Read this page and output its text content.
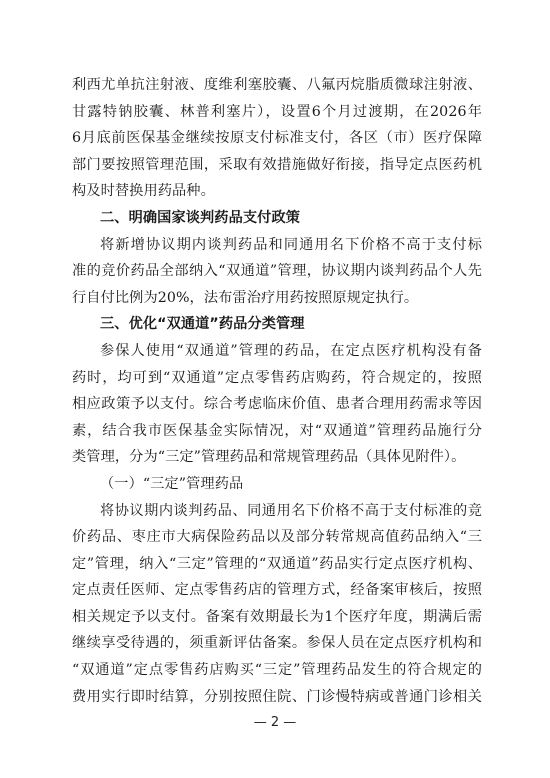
利西尤单抗注射液、度维利塞胶囊、八氟丙烷脂质微球注射液、
甘露特钠胶囊、林普利塞片），设置6个月过渡期，在2026年
6月底前医保基金继续按原支付标准支付，各区（市）医疗保障
部门要按照管理范围，采取有效措施做好衔接，指导定点医药机
构及时替换用药品种。
二、明确国家谈判药品支付政策
将新增协议期内谈判药品和同通用名下价格不高于支付标
准的竞价药品全部纳入“双通道”管理，协议期内谈判药品个人先
行自付比例为20%，法布雷治疗用药按照原规定执行。
三、优化“双通道”药品分类管理
参保人使用“双通道”管理的药品，在定点医疗机构没有备
药时，均可到“双通道”定点零售药店购药，符合规定的，按照
相应政策予以支付。综合考虑临床价值、患者合理用药需求等因
素，结合我市医保基金实际情况，对“双通道”管理药品施行分
类管理，分为“三定”管理药品和常规管理药品（具体见附件）。
（一）“三定”管理药品
将协议期内谈判药品、同通用名下价格不高于支付标准的竞
价药品、枣庄市大病保险药品以及部分转常规高值药品纳入“三
定”管理，纳入“三定”管理的“双通道”药品实行定点医疗机构、
定点责任医师、定点零售药店的管理方式，经备案审核后，按照
相关规定予以支付。备案有效期最长为1个医疗年度，期满后需
继续享受待遇的，须重新评估备案。参保人员在定点医疗机构和
“双通道”定点零售药店购买“三定”管理药品发生的符合规定的
费用实行即时结算，分别按照住院、门诊慢特病或普通门诊相关
— 2 —
